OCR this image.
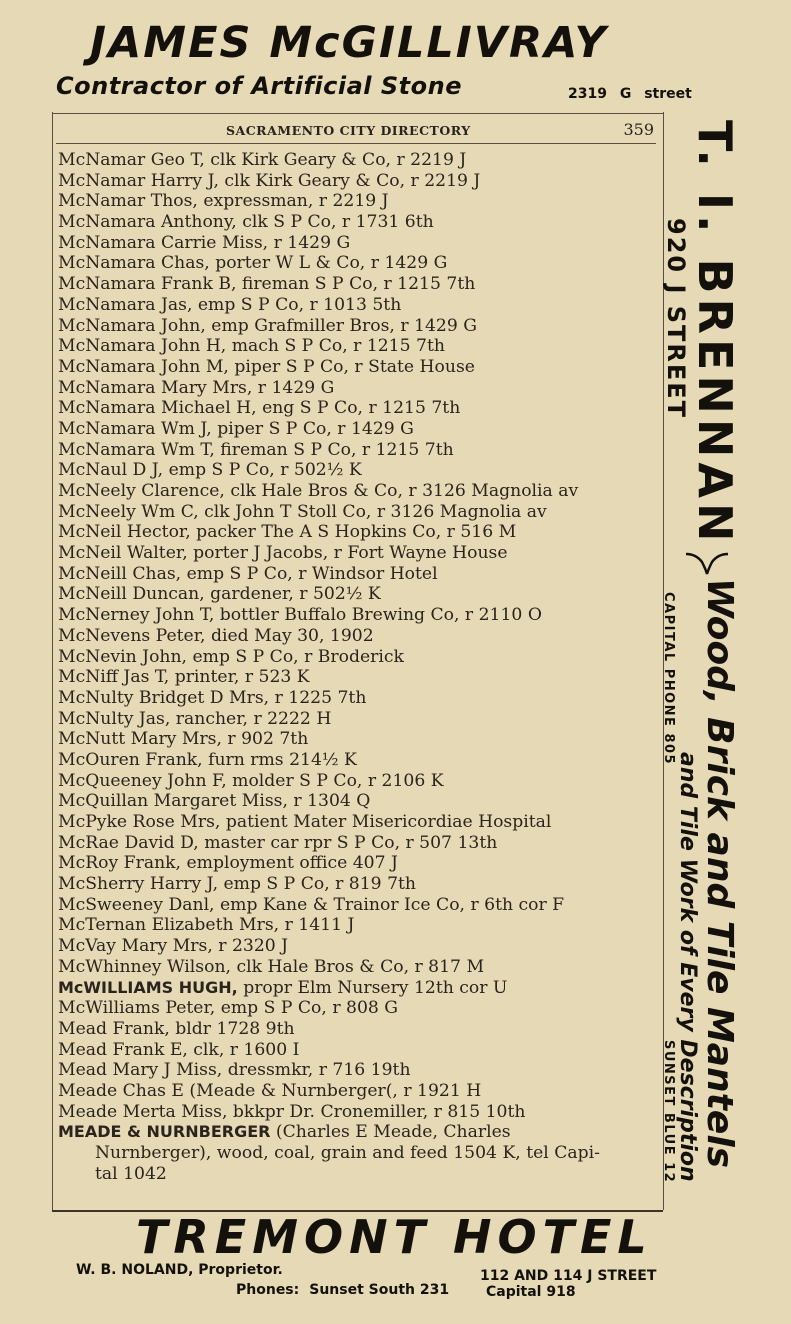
JAMES McGILLIVRAY
Contractor of Artificial Stone	2319 G street
SACRAMENTO CITY DIRECTORY	359
McNamar Geo T, clk Kirk Geary & Co, r 2219 J
McNamar Harry J, clk Kirk Geary & Co, r 2219 J
McNamar Thos, expressman, r 2219 J
McNamara Anthony, clk S P Co, r 1731 6th
McNamara Carrie Miss, r 1429 G
McNamara Chas, porter W L & Co, r 1429 G
McNamara Frank B, fireman S P Co, r 1215 7th
McNamara Jas, emp S P Co, r 1013 5th
McNamara John, emp Grafmiller Bros, r 1429 G
McNamara John H, mach S P Co, r 1215 7th
McNamara John M, piper S P Co, r State House
McNamara Mary Mrs, r 1429 G
McNamara Michael H, eng S P Co, r 1215 7th
McNamara Wm J, piper S P Co, r 1429 G
McNamara Wm T, fireman S P Co, r 1215 7th
McNaul D J, emp S P Co, r 502½ K
McNeely Clarence, clk Hale Bros & Co, r 3126 Magnolia av
McNeely Wm C, clk John T Stoll Co, r 3126 Magnolia av
McNeil Hector, packer The A S Hopkins Co, r 516 M
McNeil Walter, porter J Jacobs, r Fort Wayne House
McNeill Chas, emp S P Co, r Windsor Hotel
McNeill Duncan, gardener, r 502½ K
McNerney John T, bottler Buffalo Brewing Co, r 2110 O
McNevens Peter, died May 30, 1902
McNevin John, emp S P Co, r Broderick
McNiff Jas T, printer, r 523 K
McNulty Bridget D Mrs, r 1225 7th
McNulty Jas, rancher, r 2222 H
McNutt Mary Mrs, r 902 7th
McOuren Frank, furn rms 214½ K
McQueeney John F, molder S P Co, r 2106 K
McQuillan Margaret Miss, r 1304 Q
McPyke Rose Mrs, patient Mater Misericordiae Hospital
McRae David D, master car rpr S P Co, r 507 13th
McRoy Frank, employment office 407 J
McSherry Harry J, emp S P Co, r 819 7th
McSweeney Danl, emp Kane & Trainor Ice Co, r 6th cor F
McTernan Elizabeth Mrs, r 1411 J
McVay Mary Mrs, r 2320 J
McWhinney Wilson, clk Hale Bros & Co, r 817 M
McWILLIAMS HUGH, propr Elm Nursery 12th cor U
McWilliams Peter, emp S P Co, r 808 G
Mead Frank, bldr 1728 9th
Mead Frank E, clk, r 1600 I
Mead Mary J Miss, dressmkr, r 716 19th
Meade Chas E (Meade & Nurnberger(, r 1921 H
Meade Merta Miss, bkkpr Dr. Cronemiller, r 815 10th
MEADE & NURNBERGER (Charles E Meade, Charles
Nurnberger), wood, coal, grain and feed 1504 K, tel Capi-
tal 1042
T. I. BRENNAN
920 J STREET
Wood, Brick and Tile Mantels
and Tile Work of Every Description
CAPITAL PHONE 805
SUNSET BLUE 12
TREMONT HOTEL
W. B. NOLAND, Proprietor.	112 AND 114 J STREET
Phones: Sunset South 231	Capital 918
